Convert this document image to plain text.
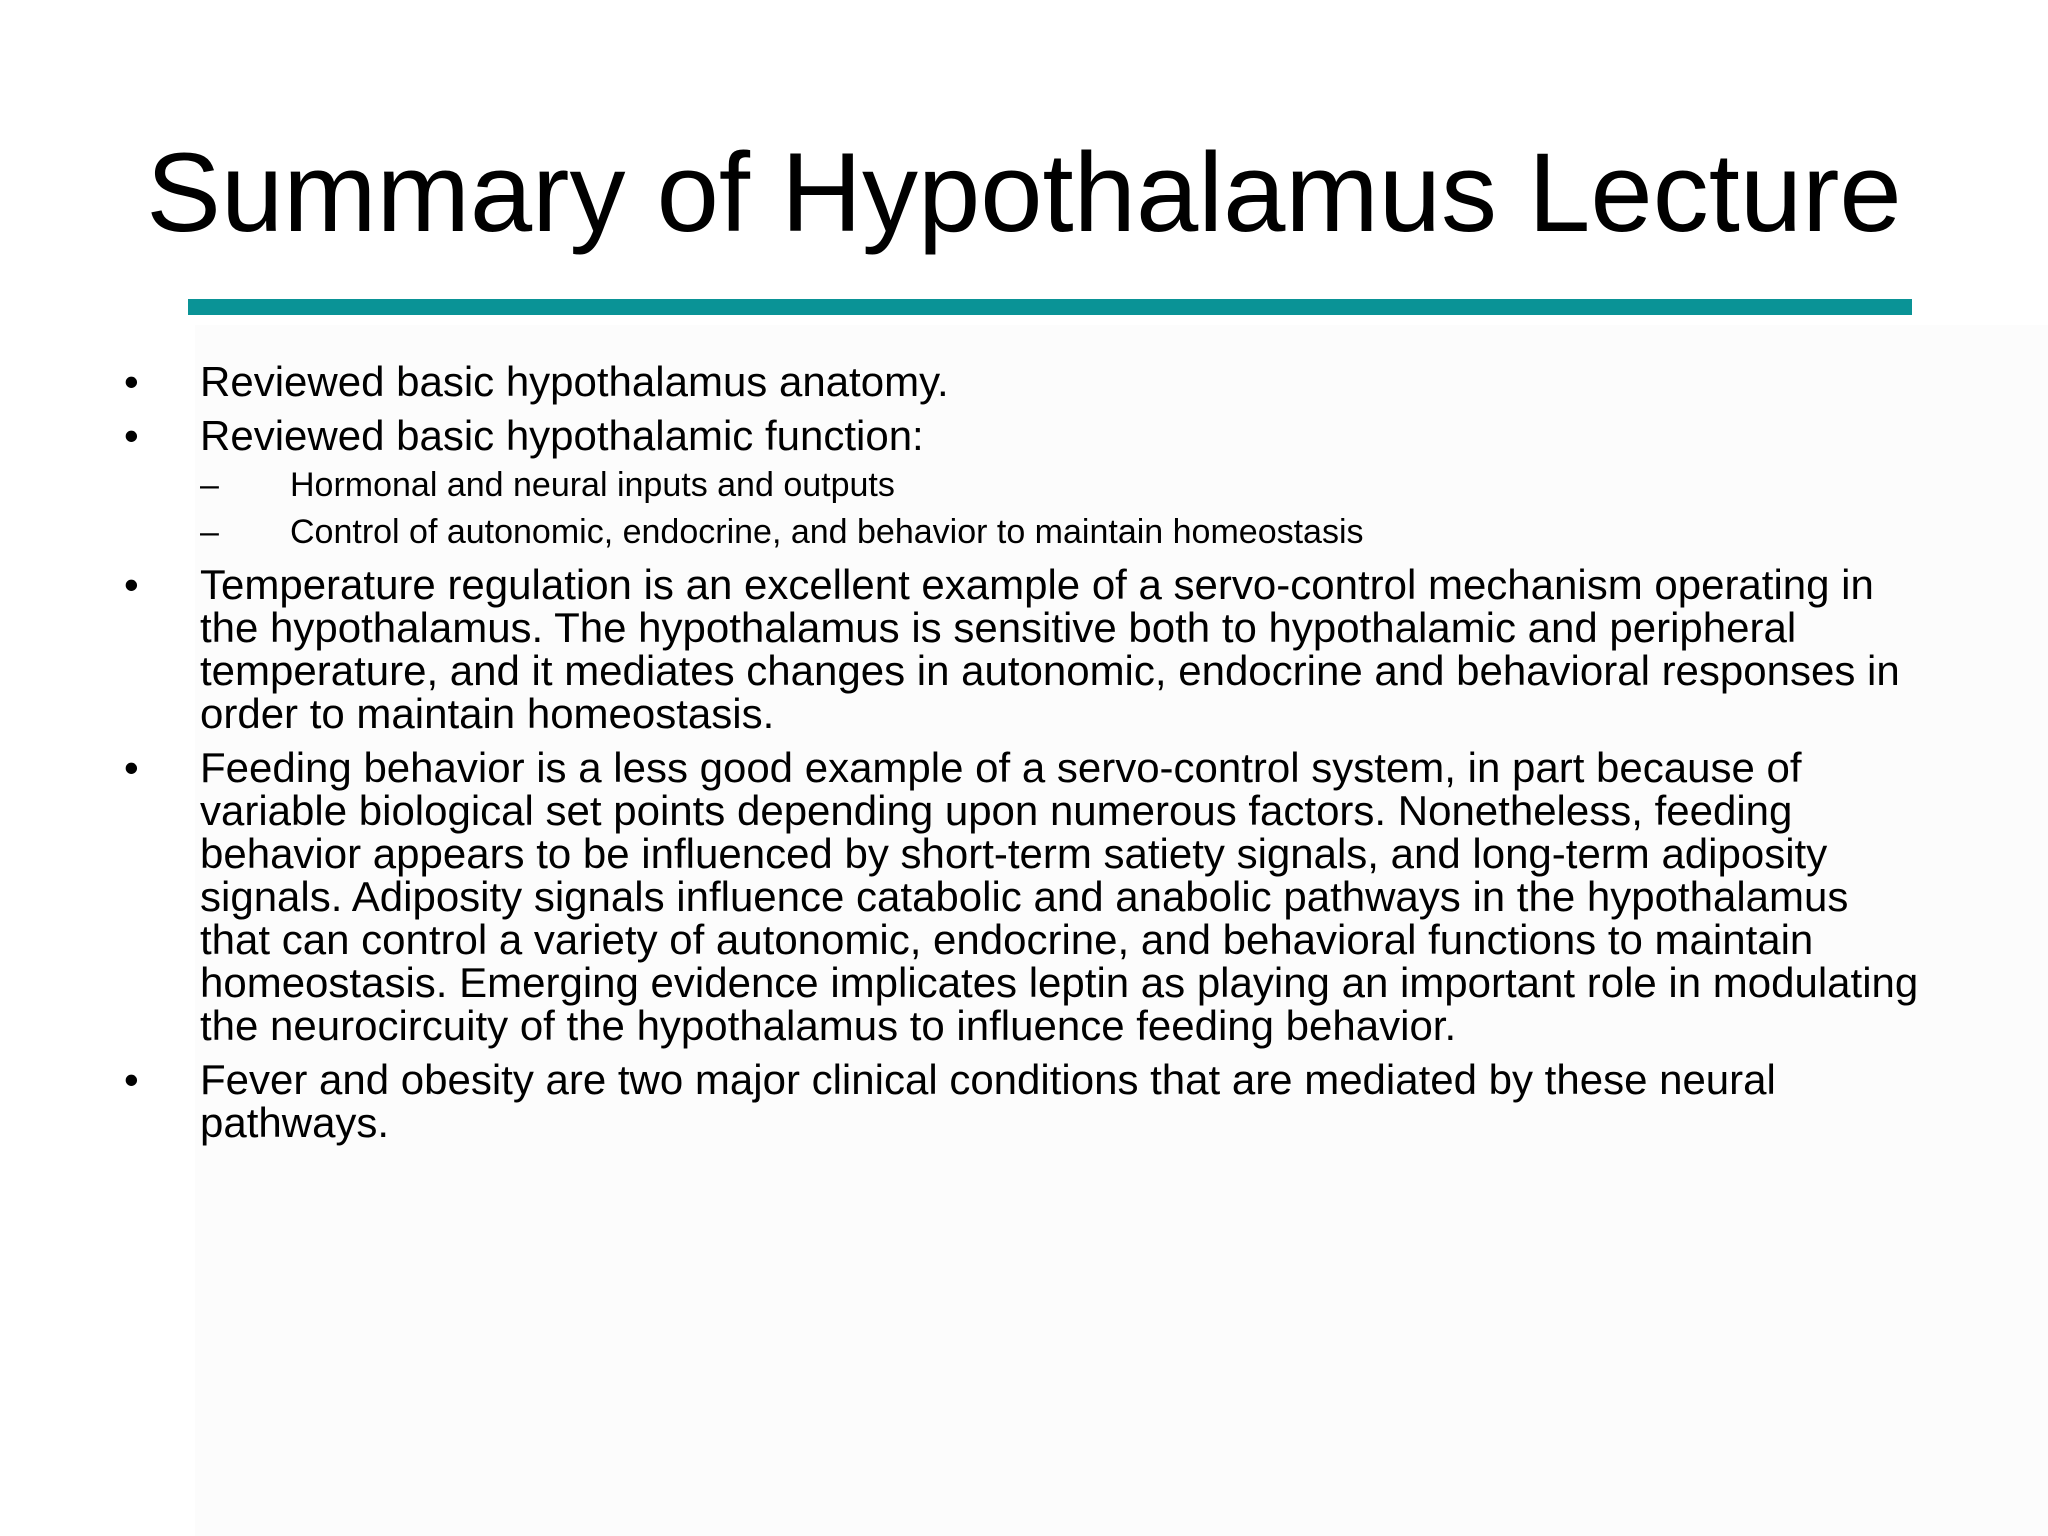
Summary of Hypothalamus Lecture
•	Reviewed basic hypothalamus anatomy.
•	Reviewed basic hypothalamic function:
–	Hormonal and neural inputs and outputs
–	Control of autonomic, endocrine, and behavior to maintain homeostasis
•	Temperature regulation is an excellent example of a servo-control mechanism operating in the hypothalamus. The hypothalamus is sensitive both to hypothalamic and peripheral temperature, and it mediates changes in autonomic, endocrine and behavioral responses in order to maintain homeostasis.
•	Feeding behavior is a less good example of a servo-control system, in part because of variable biological set points depending upon numerous factors. Nonetheless, feeding behavior appears to be influenced by short-term satiety signals, and long-term adiposity signals. Adiposity signals influence catabolic and anabolic pathways in the hypothalamus that can control a variety of autonomic, endocrine, and behavioral functions to maintain homeostasis. Emerging evidence implicates leptin as playing an important role in modulating the neurocircuity of the hypothalamus to influence feeding behavior.
•	Fever and obesity are two major clinical conditions that are mediated by these neural pathways.
